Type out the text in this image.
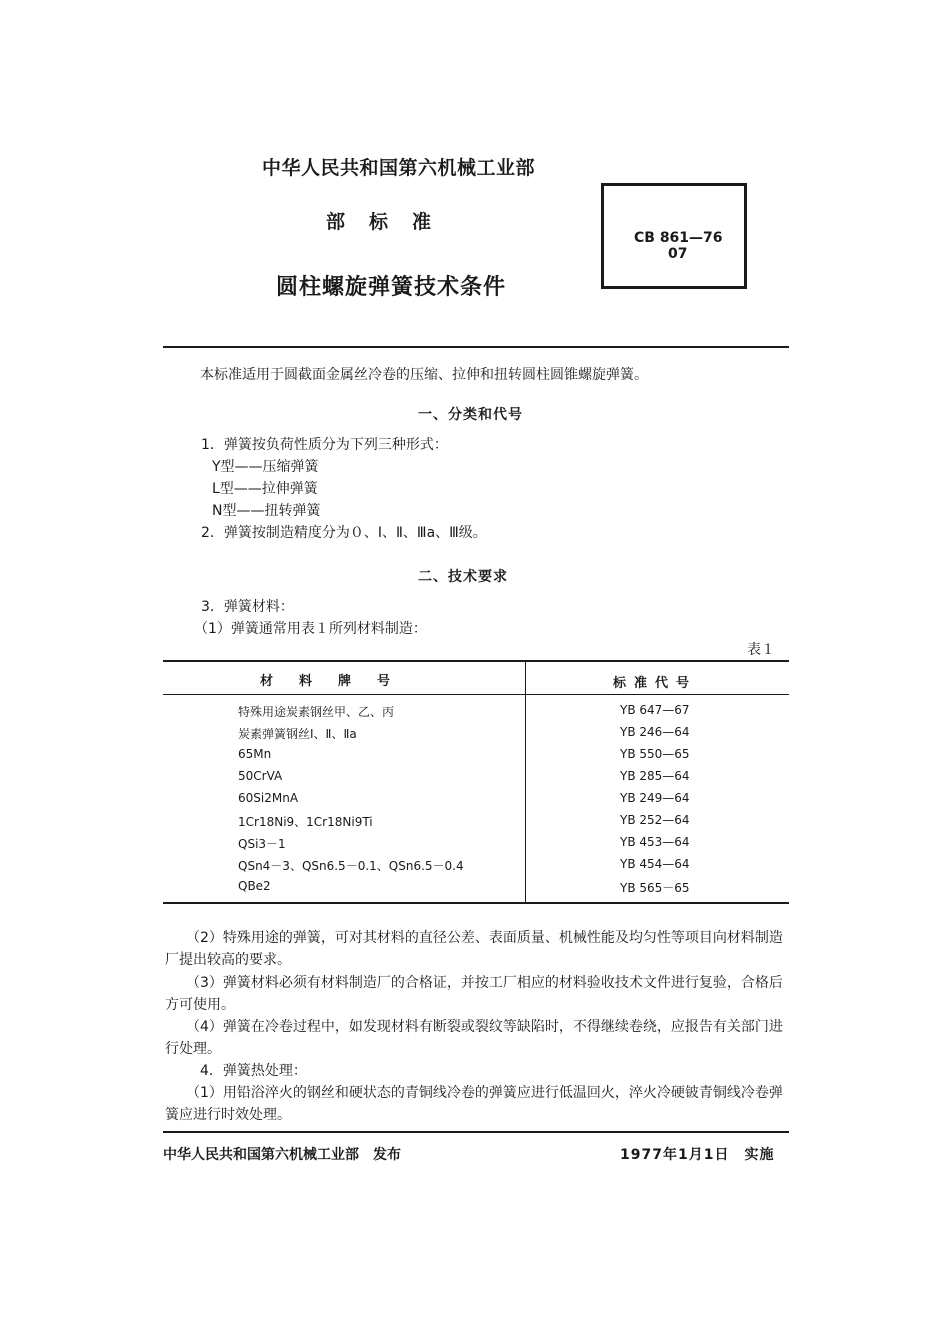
中华人民共和国第六机械工业部
部标准
圆柱螺旋弹簧技术条件
CB 861—76
07
本标准适用于圆截面金属丝冷卷的压缩、拉伸和扭转圆柱圆锥螺旋弹簧。
一、分类和代号
1．弹簧按负荷性质分为下列三种形式：
Y型——压缩弹簧
L型——拉伸弹簧
N型——扭转弹簧
2．弹簧按制造精度分为０、Ⅰ、Ⅱ、Ⅲa、Ⅲ级。
二、技术要求
3．弹簧材料：
（1）弹簧通常用表１所列材料制造：
表１
材料牌号	标准代号
特殊用途炭素钢丝甲、乙、丙	YB 647—67
炭素弹簧钢丝Ⅰ、Ⅱ、Ⅱa	YB 246—64
65Mn	YB 550—65
50CrVA	YB 285—64
60Si2MnA	YB 249—64
1Cr18Ni9、1Cr18Ni9Ti	YB 252—64
QSi3－1	YB 453—64
QSn4－3、QSn6.5－0.1、QSn6.5－0.4	YB 454—64
QBe2	YB 565－65
（2）特殊用途的弹簧，可对其材料的直径公差、表面质量、机械性能及均匀性等项目向材料制造
厂提出较高的要求。
（3）弹簧材料必须有材料制造厂的合格证，并按工厂相应的材料验收技术文件进行复验，合格后
方可使用。
（4）弹簧在冷卷过程中，如发现材料有断裂或裂纹等缺陷时，不得继续卷绕，应报告有关部门进
行处理。
4．弹簧热处理：
（1）用铅浴淬火的钢丝和硬状态的青铜线冷卷的弹簧应进行低温回火，淬火冷硬铍青铜线冷卷弹
簧应进行时效处理。
中华人民共和国第六机械工业部　发布	1977年1月1日　实施
